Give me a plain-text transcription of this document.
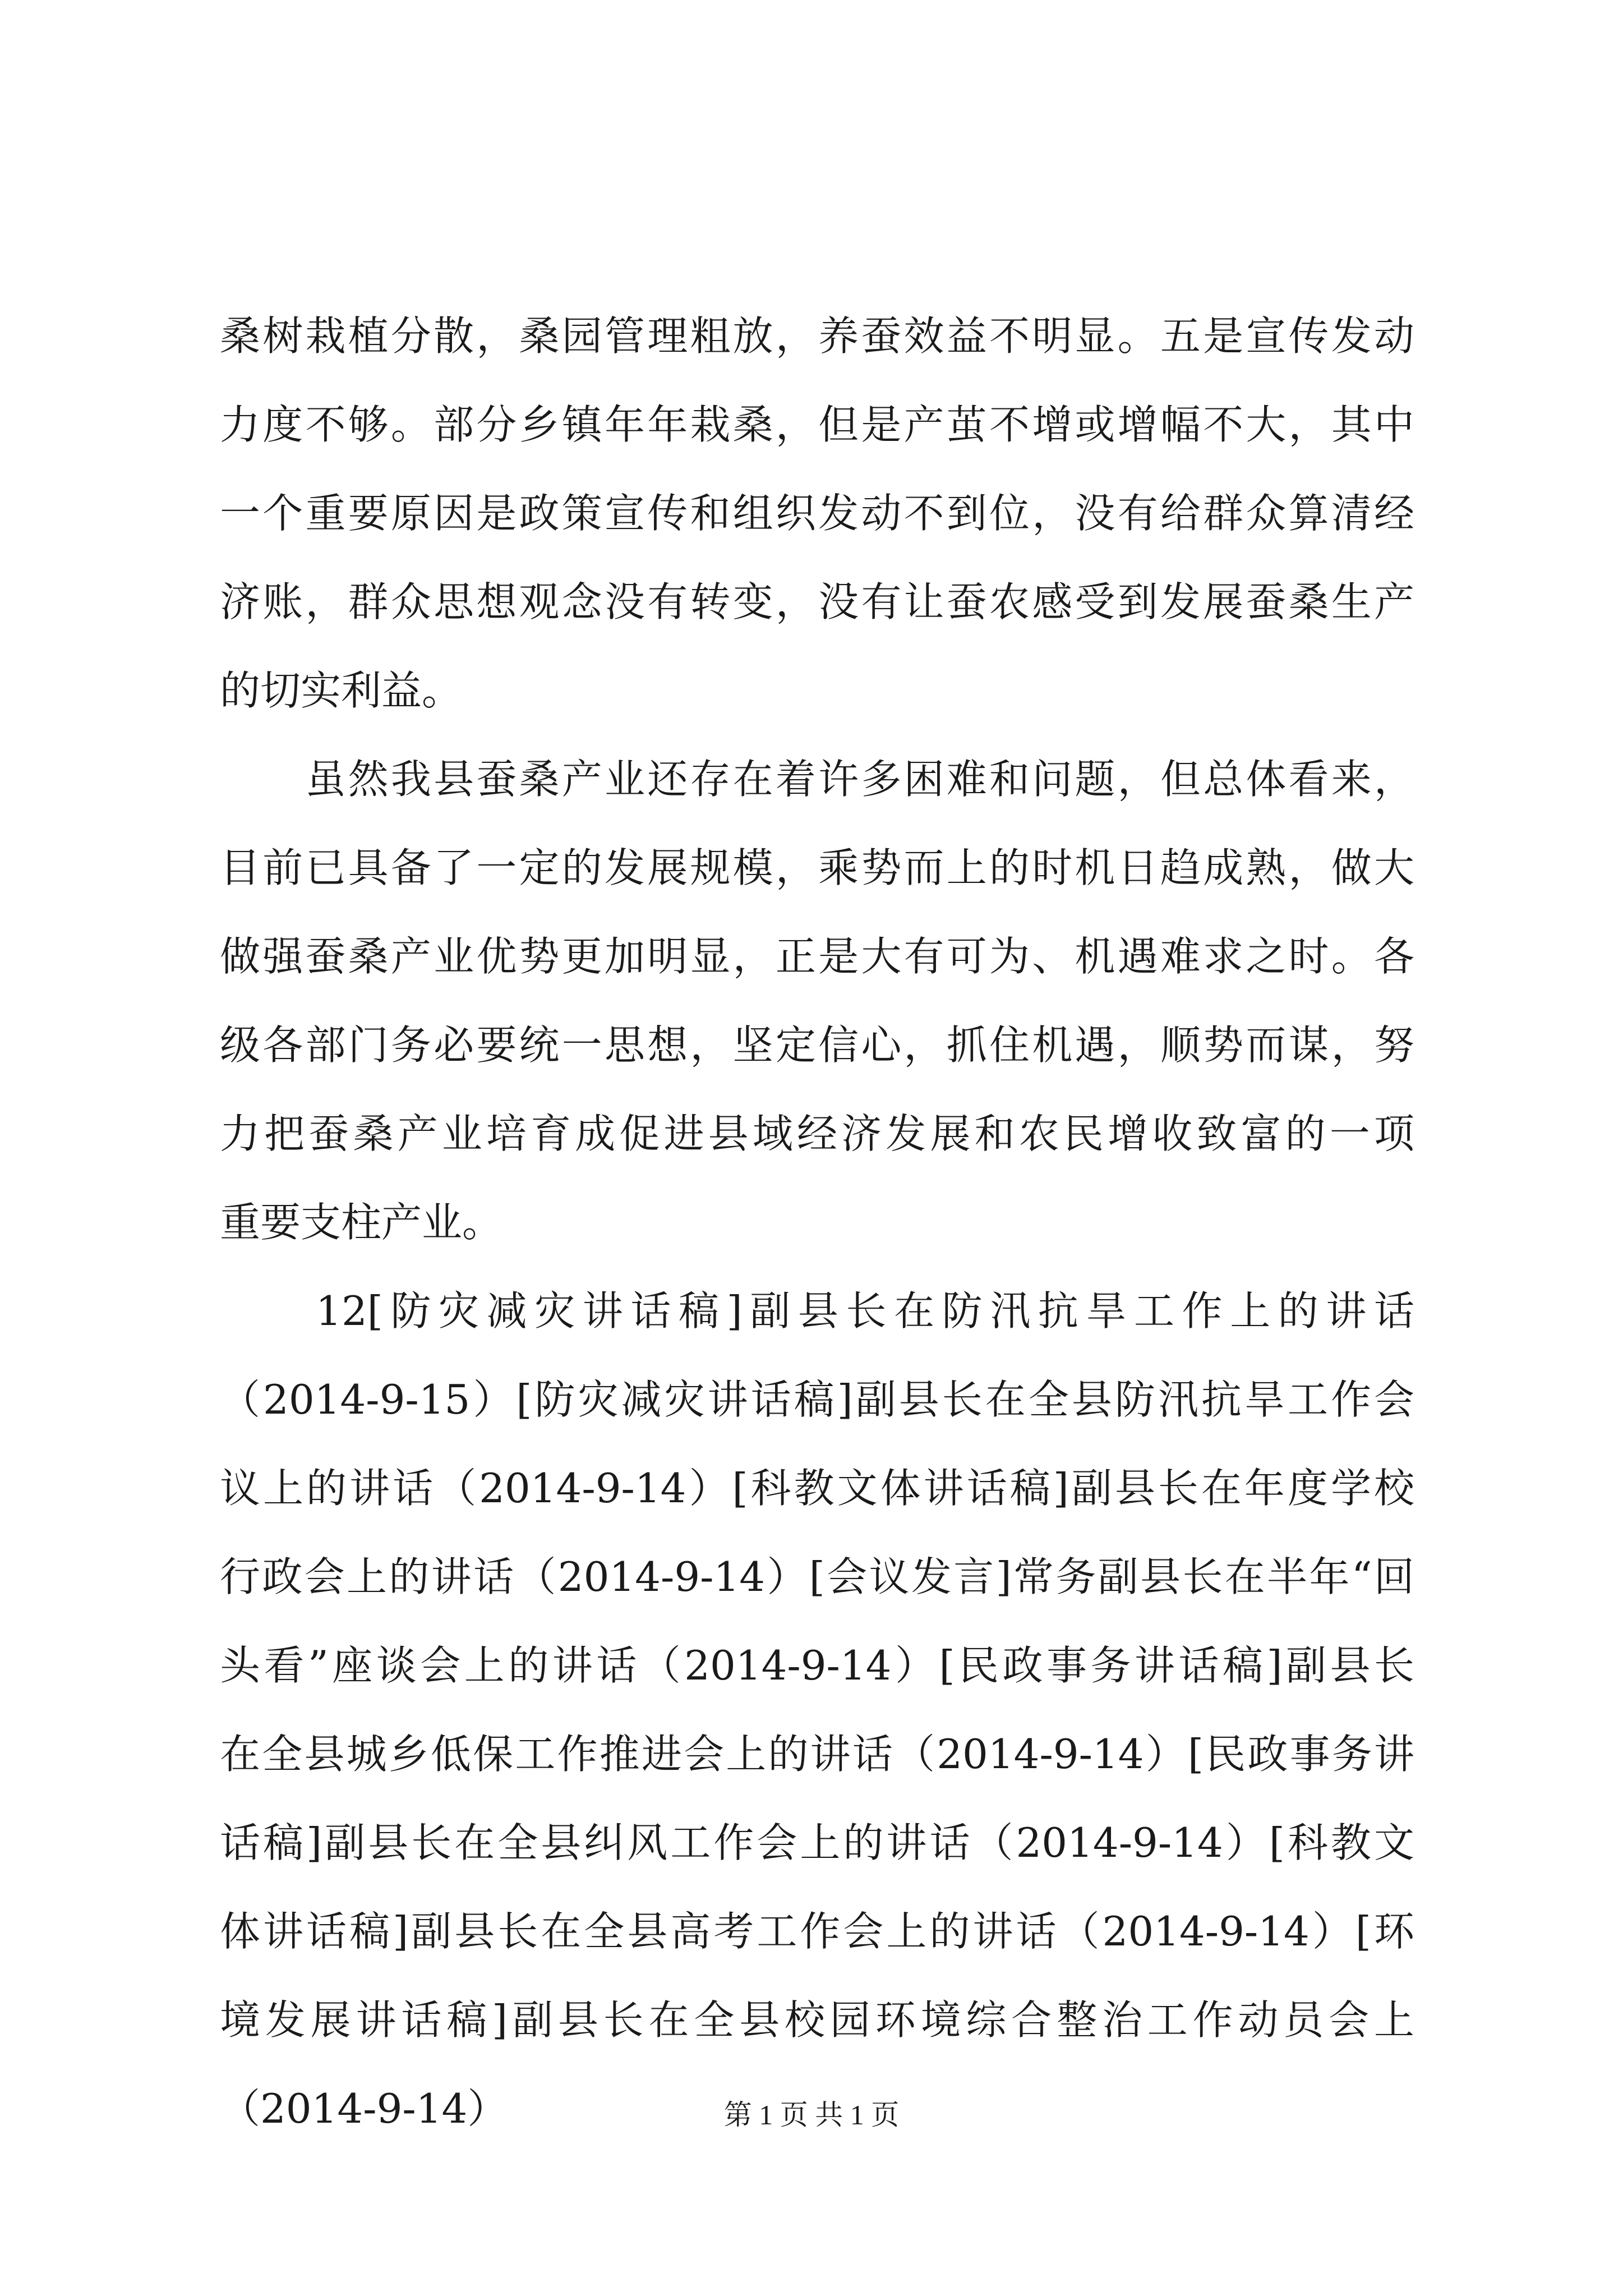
桑树栽植分散，桑园管理粗放，养蚕效益不明显。五是宣传发动
力度不够。部分乡镇年年栽桑，但是产茧不增或增幅不大，其中
一个重要原因是政策宣传和组织发动不到位，没有给群众算清经
济账，群众思想观念没有转变，没有让蚕农感受到发展蚕桑生产
的切实利益。
　　虽然我县蚕桑产业还存在着许多困难和问题，但总体看来，
目前已具备了一定的发展规模，乘势而上的时机日趋成熟，做大
做强蚕桑产业优势更加明显，正是大有可为、机遇难求之时。各
级各部门务必要统一思想，坚定信心，抓住机遇，顺势而谋，努
力把蚕桑产业培育成促进县域经济发展和农民增收致富的一项
重要支柱产业。
　　12[防灾减灾讲话稿]副县长在防汛抗旱工作上的讲话
（2014-9-15）[防灾减灾讲话稿]副县长在全县防汛抗旱工作会
议上的讲话（2014-9-14）[科教文体讲话稿]副县长在年度学校
行政会上的讲话（2014-9-14）[会议发言]常务副县长在半年“回
头看”座谈会上的讲话（2014-9-14）[民政事务讲话稿]副县长
在全县城乡低保工作推进会上的讲话（2014-9-14）[民政事务讲
话稿]副县长在全县纠风工作会上的讲话（2014-9-14）[科教文
体讲话稿]副县长在全县高考工作会上的讲话（2014-9-14）[环
境发展讲话稿]副县长在全县校园环境综合整治工作动员会上
（2014-9-14）	第 1 页 共 1 页
